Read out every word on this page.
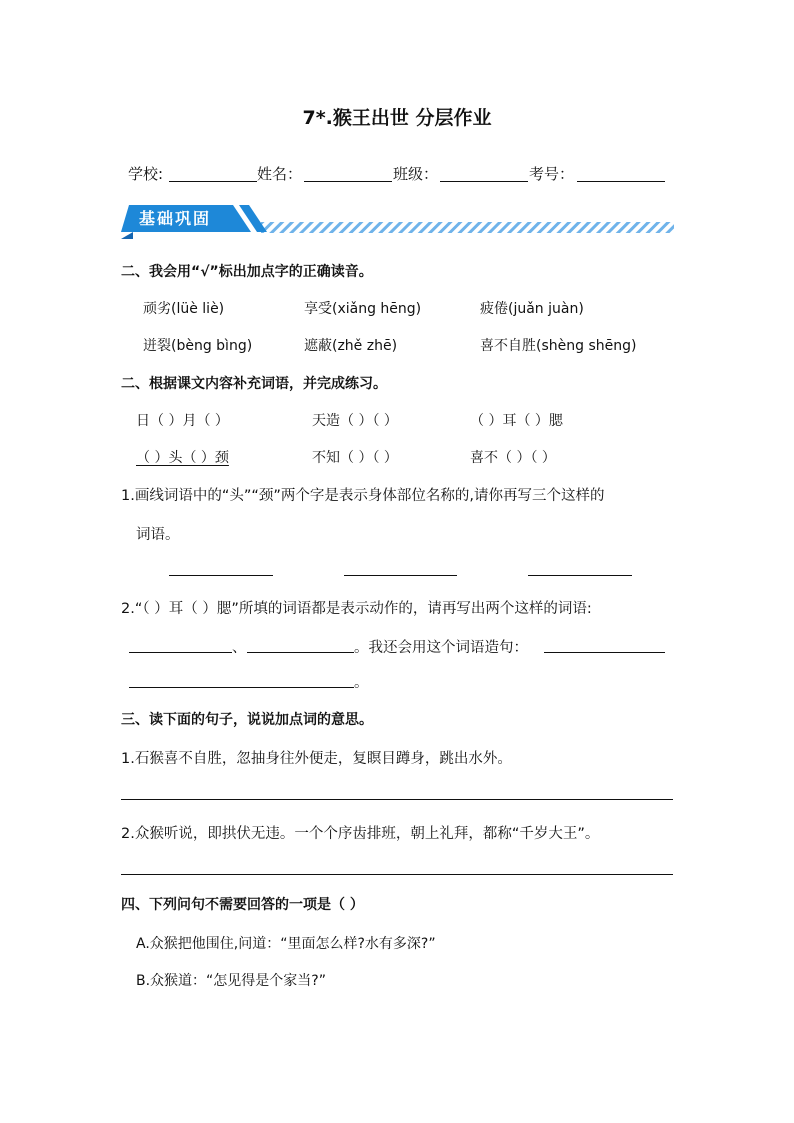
7*.猴王出世 分层作业
学校:	姓名：	班级：	考号：
基础巩固
二、我会用“√”标出加点字的正确读音。
顽劣(lüè liè)	享受(xiǎng hēng)	疲倦(juǎn juàn)
迸裂(bèng bìng)	遮蔽(zhě zhē)	喜不自胜(shèng shēng)
二、根据课文内容补充词语，并完成练习。
日（ ）月（ ）	天造（ ）（ ）	（ ）耳（ ）腮
（ ）头（ ）颈	不知（ ）（ ）	喜不（ ）（ ）
1.画线词语中的“头”“颈”两个字是表示身体部位名称的,请你再写三个这样的
词语。
2.“（ ）耳（ ）腮”所填的词语都是表示动作的，请再写出两个这样的词语:
、	。我还会用这个词语造句：
。
三、读下面的句子，说说加点词的意思。
1.石猴喜不自胜，忽抽身往外便走，复瞑目蹲身，跳出水外。
2.众猴听说，即拱伏无违。一个个序齿排班，朝上礼拜，都称“千岁大王”。
四、下列问句不需要回答的一项是（ ）
A.众猴把他围住,问道：“里面怎么样?水有多深?”
B.众猴道：“怎见得是个家当?”
